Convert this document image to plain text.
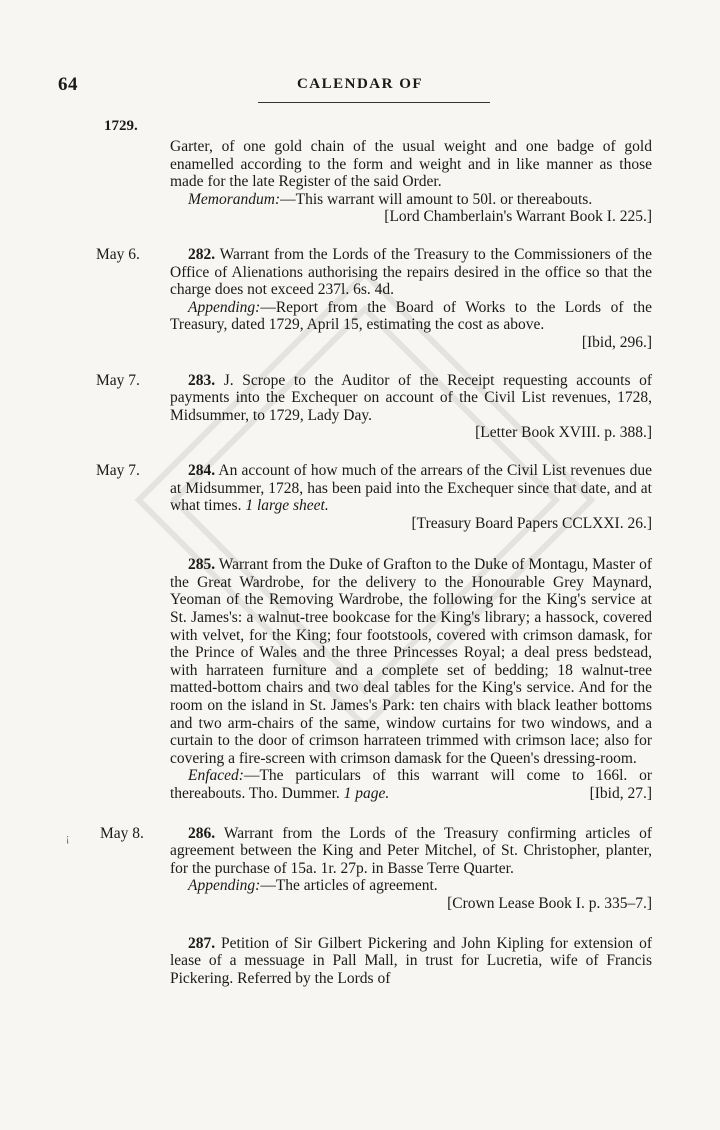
64	CALENDAR OF
1729.

Garter, of one gold chain of the usual weight and one badge of gold enamelled according to the form and weight and in like manner as those made for the late Register of the said Order.

Memorandum:—This warrant will amount to 50l. or thereabouts.

[Lord Chamberlain's Warrant Book I. 225.]

May 6.	282. Warrant from the Lords of the Treasury to the Commissioners of the Office of Alienations authorising the repairs desired in the office so that the charge does not exceed 237l. 6s. 4d.

Appending:—Report from the Board of Works to the Lords of the Treasury, dated 1729, April 15, estimating the cost as above.

[Ibid, 296.]

May 7.	283. J. Scrope to the Auditor of the Receipt requesting accounts of payments into the Exchequer on account of the Civil List revenues, 1728, Midsummer, to 1729, Lady Day.

[Letter Book XVIII. p. 388.]

May 7.	284. An account of how much of the arrears of the Civil List revenues due at Midsummer, 1728, has been paid into the Exchequer since that date, and at what times. 1 large sheet.

[Treasury Board Papers CCLXXI. 26.]

285. Warrant from the Duke of Grafton to the Duke of Montagu, Master of the Great Wardrobe, for the delivery to the Honourable Grey Maynard, Yeoman of the Removing Wardrobe, the following for the King's service at St. James's: a walnut-tree bookcase for the King's library; a hassock, covered with velvet, for the King; four footstools, covered with crimson damask, for the Prince of Wales and the three Princesses Royal; a deal press bedstead, with harrateen furniture and a complete set of bedding; 18 walnut-tree matted-bottom chairs and two deal tables for the King's service. And for the room on the island in St. James's Park: ten chairs with black leather bottoms and two arm-chairs of the same, window curtains for two windows, and a curtain to the door of crimson harrateen trimmed with crimson lace; also for covering a fire-screen with crimson damask for the Queen's dressing-room.

Enfaced:—The particulars of this warrant will come to 166l. or thereabouts. Tho. Dummer. 1 page.	[Ibid, 27.]

¡ May 8.	286. Warrant from the Lords of the Treasury confirming articles of agreement between the King and Peter Mitchel, of St. Christopher, planter, for the purchase of 15a. 1r. 27p. in Basse Terre Quarter.

Appending:—The articles of agreement.

[Crown Lease Book I. p. 335–7.]

287. Petition of Sir Gilbert Pickering and John Kipling for extension of lease of a messuage in Pall Mall, in trust for Lucretia, wife of Francis Pickering. Referred by the Lords of
